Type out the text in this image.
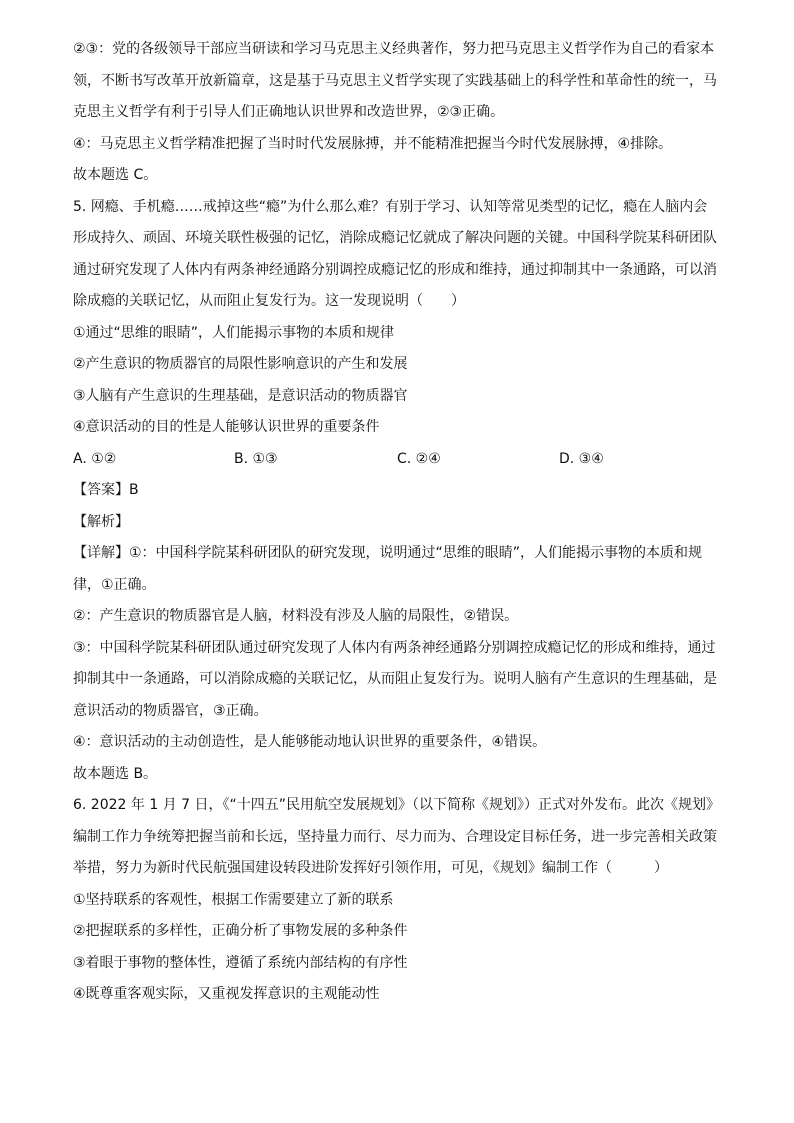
②③：党的各级领导干部应当研读和学习马克思主义经典著作，努力把马克思主义哲学作为自己的看家本
领，不断书写改革开放新篇章，这是基于马克思主义哲学实现了实践基础上的科学性和革命性的统一，马
克思主义哲学有利于引导人们正确地认识世界和改造世界，②③正确。
④：马克思主义哲学精准把握了当时时代发展脉搏，并不能精准把握当今时代发展脉搏，④排除。
故本题选 C。
5. 网瘾、手机瘾……戒掉这些“瘾”为什么那么难？有别于学习、认知等常见类型的记忆，瘾在人脑内会
形成持久、顽固、环境关联性极强的记忆，消除成瘾记忆就成了解决问题的关键。中国科学院某科研团队
通过研究发现了人体内有两条神经通路分别调控成瘾记忆的形成和维持，通过抑制其中一条通路，可以消
除成瘾的关联记忆，从而阻止复发行为。这一发现说明（　　）
①通过“思维的眼睛”，人们能揭示事物的本质和规律
②产生意识的物质器官的局限性影响意识的产生和发展
③人脑有产生意识的生理基础，是意识活动的物质器官
④意识活动的目的性是人能够认识世界的重要条件
A. ①②	B. ①③	C. ②④	D. ③④
【答案】B
【解析】
【详解】①：中国科学院某科研团队的研究发现，说明通过“思维的眼睛”，人们能揭示事物的本质和规
律，①正确。
②：产生意识的物质器官是人脑，材料没有涉及人脑的局限性，②错误。
③：中国科学院某科研团队通过研究发现了人体内有两条神经通路分别调控成瘾记忆的形成和维持，通过
抑制其中一条通路，可以消除成瘾的关联记忆，从而阻止复发行为。说明人脑有产生意识的生理基础，是
意识活动的物质器官，③正确。
④：意识活动的主动创造性，是人能够能动地认识世界的重要条件，④错误。
故本题选 B。
6. 2022 年 1 月 7 日，《“十四五”民用航空发展规划》（以下简称《规划》）正式对外发布。此次《规划》
编制工作力争统筹把握当前和长远，坚持量力而行、尽力而为、合理设定目标任务，进一步完善相关政策
举措，努力为新时代民航强国建设转段进阶发挥好引领作用，可见，《规划》编制工作（　　　）
①坚持联系的客观性，根据工作需要建立了新的联系
②把握联系的多样性，正确分析了事物发展的多种条件
③着眼于事物的整体性，遵循了系统内部结构的有序性
④既尊重客观实际，又重视发挥意识的主观能动性
